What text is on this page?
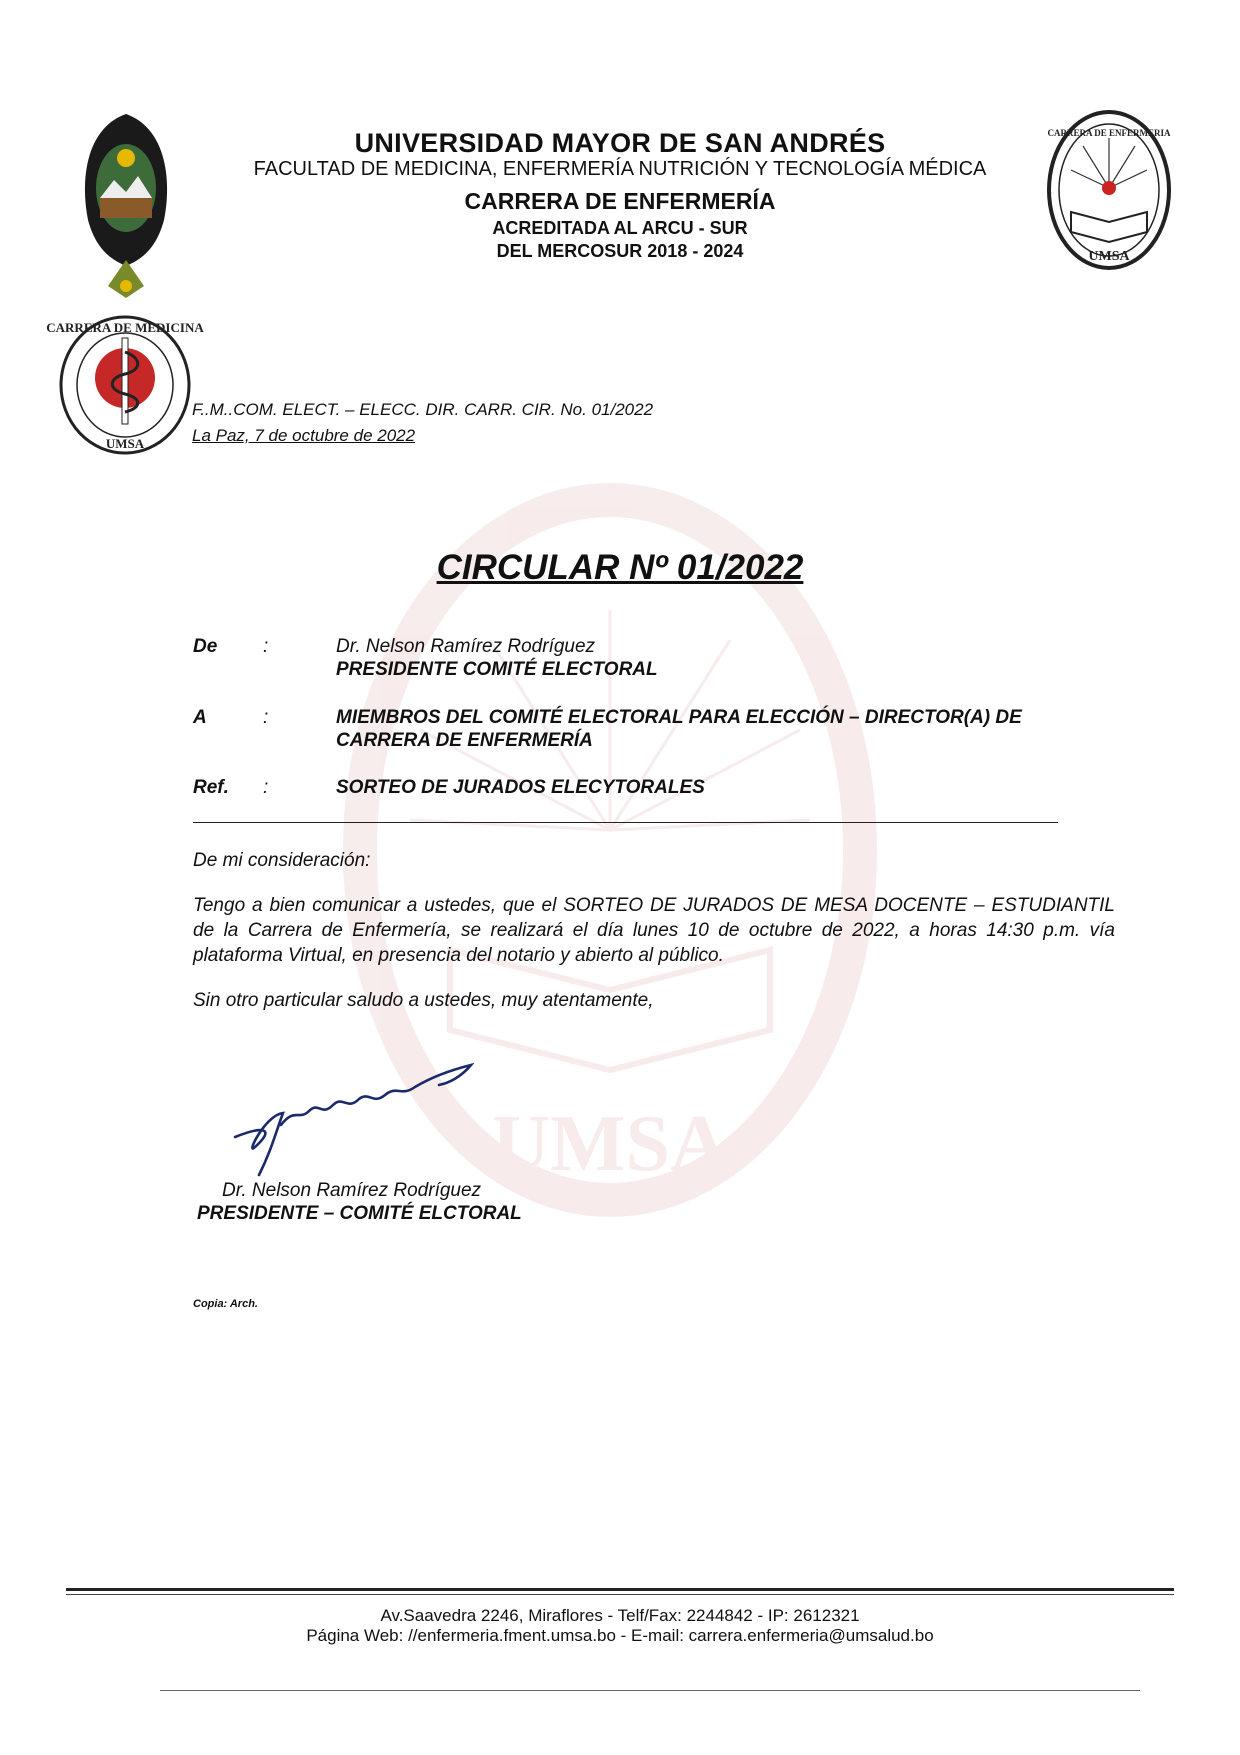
UMSA
CARRERA DE ENFERMERIA
UMSA
CARRERA DE MEDICINA
UMSA
UNIVERSIDAD MAYOR DE SAN ANDRÉS
FACULTAD DE MEDICINA, ENFERMERÍA NUTRICIÓN Y TECNOLOGÍA MÉDICA
CARRERA DE ENFERMERÍA
ACREDITADA AL ARCU - SUR
DEL MERCOSUR 2018 - 2024
F..M..COM. ELECT. – ELECC. DIR. CARR. CIR. No. 01/2022
La Paz, 7 de octubre de 2022
CIRCULAR Nº 01/2022
De :	Dr. Nelson Ramírez Rodríguez
PRESIDENTE COMITÉ ELECTORAL
A	:	MIEMBROS DEL COMITÉ ELECTORAL PARA ELECCIÓN – DIRECTOR(A) DE
CARRERA DE ENFERMERÍA
Ref. :	SORTEO DE JURADOS ELECYTORALES
De mi consideración:
Tengo a bien comunicar a ustedes, que el SORTEO DE JURADOS DE MESA DOCENTE – ESTUDIANTIL de la Carrera de Enfermería, se realizará el día lunes 10 de octubre de 2022, a horas 14:30 p.m. vía plataforma Virtual, en presencia del notario y abierto al público.
Sin otro particular saludo a ustedes, muy atentamente,
Dr. Nelson Ramírez Rodríguez
PRESIDENTE – COMITÉ ELCTORAL
Copia: Arch.
Av.Saavedra 2246, Miraflores - Telf/Fax: 2244842 - IP: 2612321
Página Web: //enfermeria.fment.umsa.bo - E-mail: carrera.enfermeria@umsalud.bo
